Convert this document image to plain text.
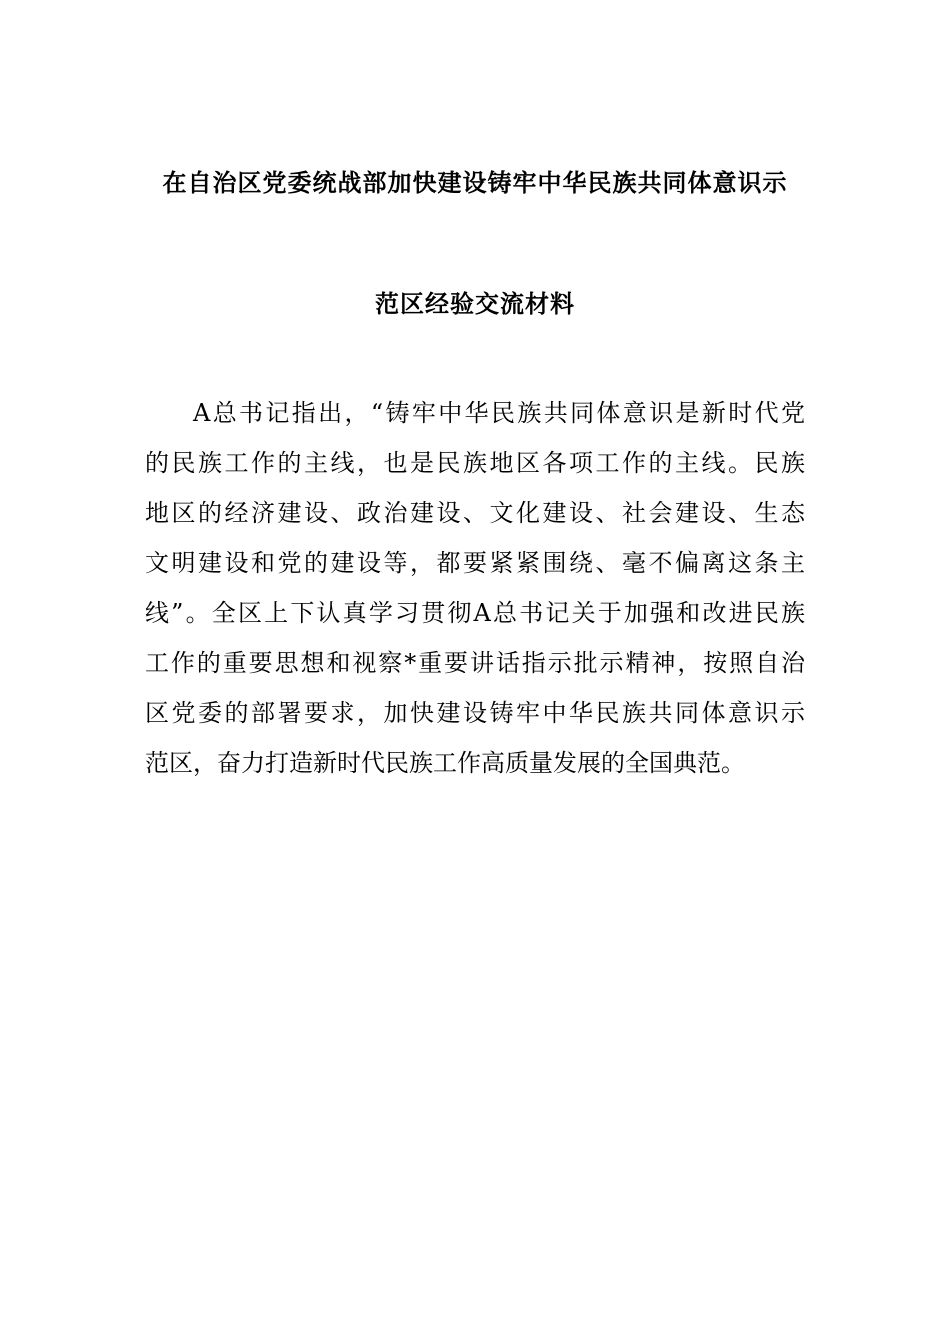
在自治区党委统战部加快建设铸牢中华民族共同体意识示
范区经验交流材料
A总书记指出，“铸牢中华民族共同体意识是新时代党
的民族工作的主线，也是民族地区各项工作的主线。民族
地区的经济建设、政治建设、文化建设、社会建设、生态
文明建设和党的建设等，都要紧紧围绕、毫不偏离这条主
线”。全区上下认真学习贯彻A总书记关于加强和改进民族
工作的重要思想和视察*重要讲话指示批示精神，按照自治
区党委的部署要求，加快建设铸牢中华民族共同体意识示
范区，奋力打造新时代民族工作高质量发展的全国典范。
